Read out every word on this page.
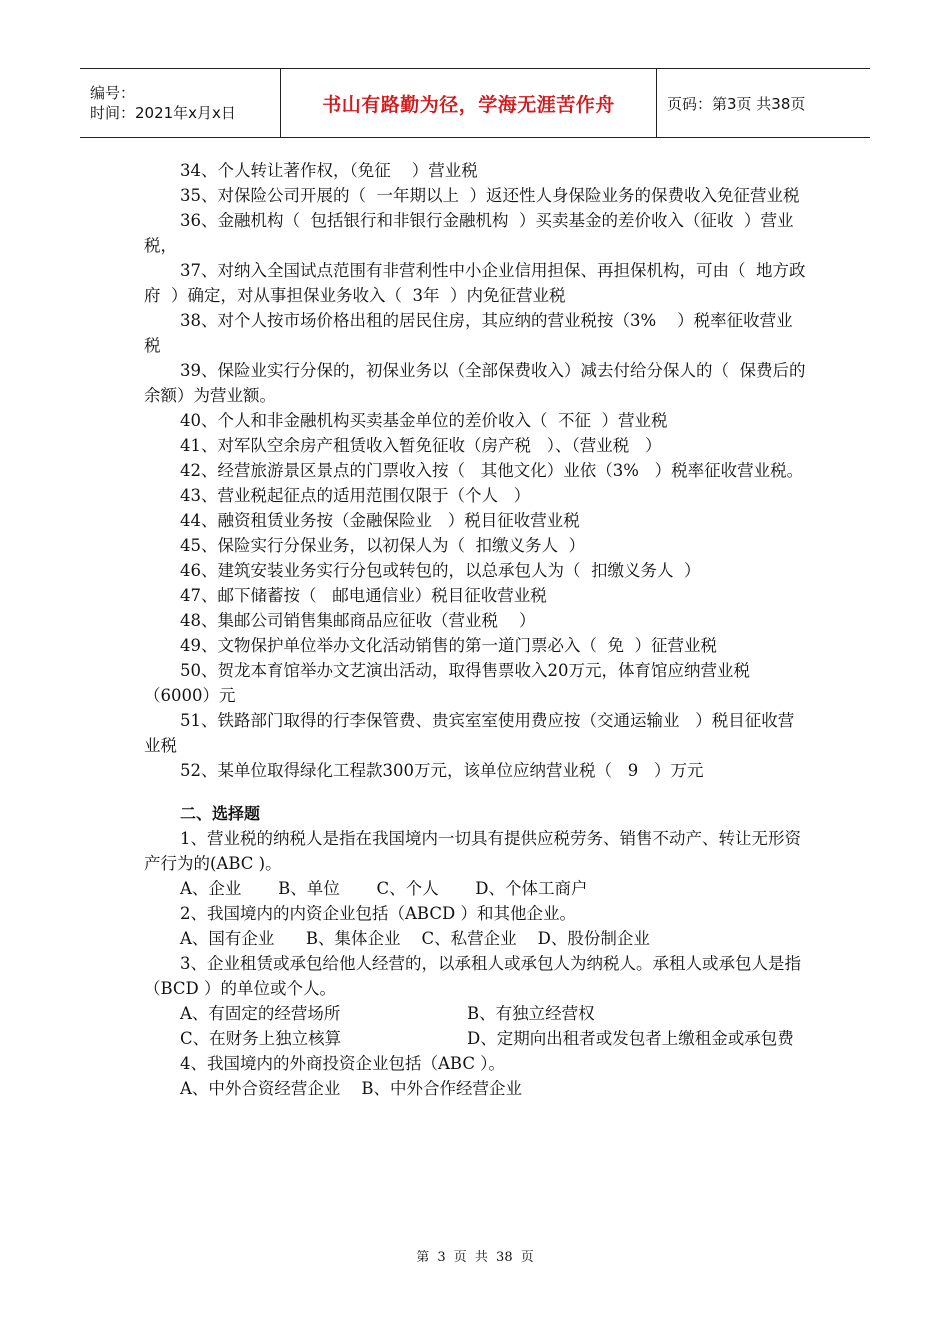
编号：
时间：2021年x月x日	书山有路勤为径，学海无涯苦作舟	页码：第3页 共38页

34、个人转让著作权，（免征    ）营业税

35、对保险公司开展的（  一年期以上  ）返还性人身保险业务的保费收入免征营业税

36、金融机构（  包括银行和非银行金融机构  ）买卖基金的差价收入（征收  ）营业税，

37、对纳入全国试点范围有非营利性中小企业信用担保、再担保机构，可由（  地方政府  ）确定，对从事担保业务收入（  3年  ）内免征营业税

38、对个人按市场价格出租的居民住房，其应纳的营业税按（3%    ）税率征收营业税

39、保险业实行分保的，初保业务以（全部保费收入）减去付给分保人的（  保费后的余额）为营业额。

40、个人和非金融机构买卖基金单位的差价收入（  不征  ）营业税

41、对军队空余房产租赁收入暂免征收（房产税   ）、（营业税   ）

42、经营旅游景区景点的门票收入按（   其他文化）业依（3%   ）税率征收营业税。

43、营业税起征点的适用范围仅限于（个人   ）

44、融资租赁业务按（金融保险业   ）税目征收营业税

45、保险实行分保业务，以初保人为（  扣缴义务人  ）

46、建筑安装业务实行分包或转包的，以总承包人为（  扣缴义务人  ）

47、邮下储蓄按（   邮电通信业）税目征收营业税

48、集邮公司销售集邮商品应征收（营业税    ）

49、文物保护单位举办文化活动销售的第一道门票必入（  免  ）征营业税

50、贺龙本育馆举办文艺演出活动，取得售票收入20万元，体育馆应纳营业税（6000）元

51、铁路部门取得的行李保管费、贵宾室室使用费应按（交通运输业   ）税目征收营业税

52、某单位取得绿化工程款300万元，该单位应纳营业税（   9   ）万元

二、选择题

1、营业税的纳税人是指在我国境内一切具有提供应税劳务、销售不动产、转让无形资产行为的(ABC )。

A、企业       B、单位       C、个人       D、个体工商户

2、我国境内的内资企业包括（ABCD ）和其他企业。

A、国有企业      B、集体企业    C、私营企业    D、股份制企业

3、企业租赁或承包给他人经营的，以承租人或承包人为纳税人。承租人或承包人是指（BCD ）的单位或个人。

A、有固定的经营场所	B、有独立经营权
C、在财务上独立核算	D、定期向出租者或发包者上缴租金或承包费

4、我国境内的外商投资企业包括（ABC ）。

A、中外合资经营企业    B、中外合作经营企业

第 3 页 共 38 页
